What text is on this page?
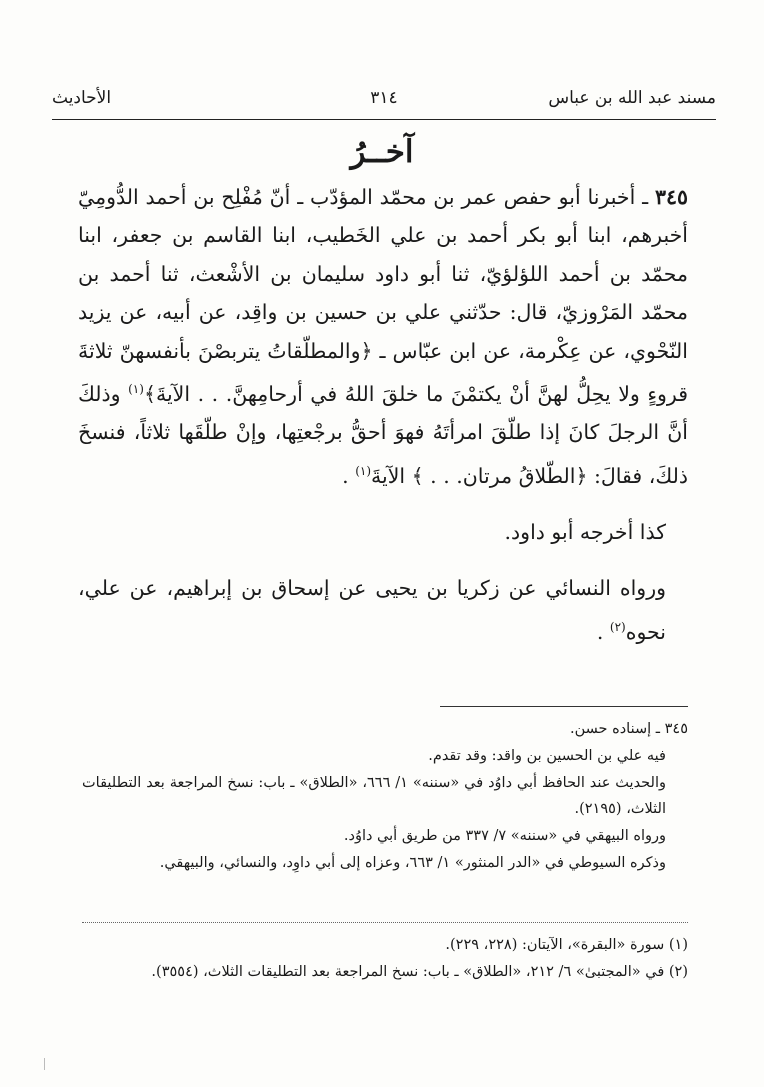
مسند عبد الله بن عباس
٣١٤
الأحاديث
آخــرُ

٣٤٥ ـ أخبرنا أبو حفص عمر بن محمّد المؤدّب ـ أنّ مُفْلِح بن أحمد الدُّومِيّ أخبرهم، ابنا أبو بكر أحمد بن علي الخَطيب، ابنا القاسم بن جعفر، ابنا محمّد بن أحمد اللؤلؤيّ، ثنا أبو داود سليمان بن الأشْعث، ثنا أحمد بن محمّد المَرْوزيّ، قال: حدّثني علي بن حسين بن واقِد، عن أبيه، عن يزيد النّحْوي، عن عِكْرمة، عن ابن عبّاس ـ ﴿والمطلّقاتُ يتربصْنَ بأنفسهنّ ثلاثةَ قروءٍ ولا يحِلُّ لهنَّ أنْ يكتمْنَ ما خلقَ اللهُ في أرحامِهنَّ. . . الآيةَ﴾$^{(١)}$ وذلكَ أنَّ الرجلَ كانَ إذا طلّقَ امرأتَهُ فهوَ أحقُّ برجْعتِها، وإنْ طلّقَها ثلاثاً، فنسخَ ذلكَ، فقالَ: ﴿الطّلاقُ مرتان. . . ﴾ الآيةَ$^{(١)}$ .

كذا أخرجه أبو داود.

ورواه النسائي عن زكريا بن يحيى عن إسحاق بن إبراهيم، عن علي، نحوه$^{(٢)}$ .

٣٤٥ ـ إسناده حسن.

فيه علي بن الحسين بن واقد: وقد تقدم.

والحديث عند الحافظ أبي داوُد في «سننه» ١/ ٦٦٦، «الطلاق» ـ باب: نسخ المراجعة بعد التطليقات الثلاث، (٢١٩٥).

ورواه البيهقي في «سننه» ٧/ ٣٣٧ من طريق أبي داوُد.

وذكره السيوطي في «الدر المنثور» ١/ ٦٦٣، وعزاه إلى أبي داوِد، والنسائي، والبيهقي.

(١) سورة «البقرة»، الآيتان: (٢٢٨، ٢٢٩).

(٢) في «المجتبىٰ» ٦/ ٢١٢، «الطلاق» ـ باب: نسخ المراجعة بعد التطليقات الثلاث، (٣٥٥٤).
